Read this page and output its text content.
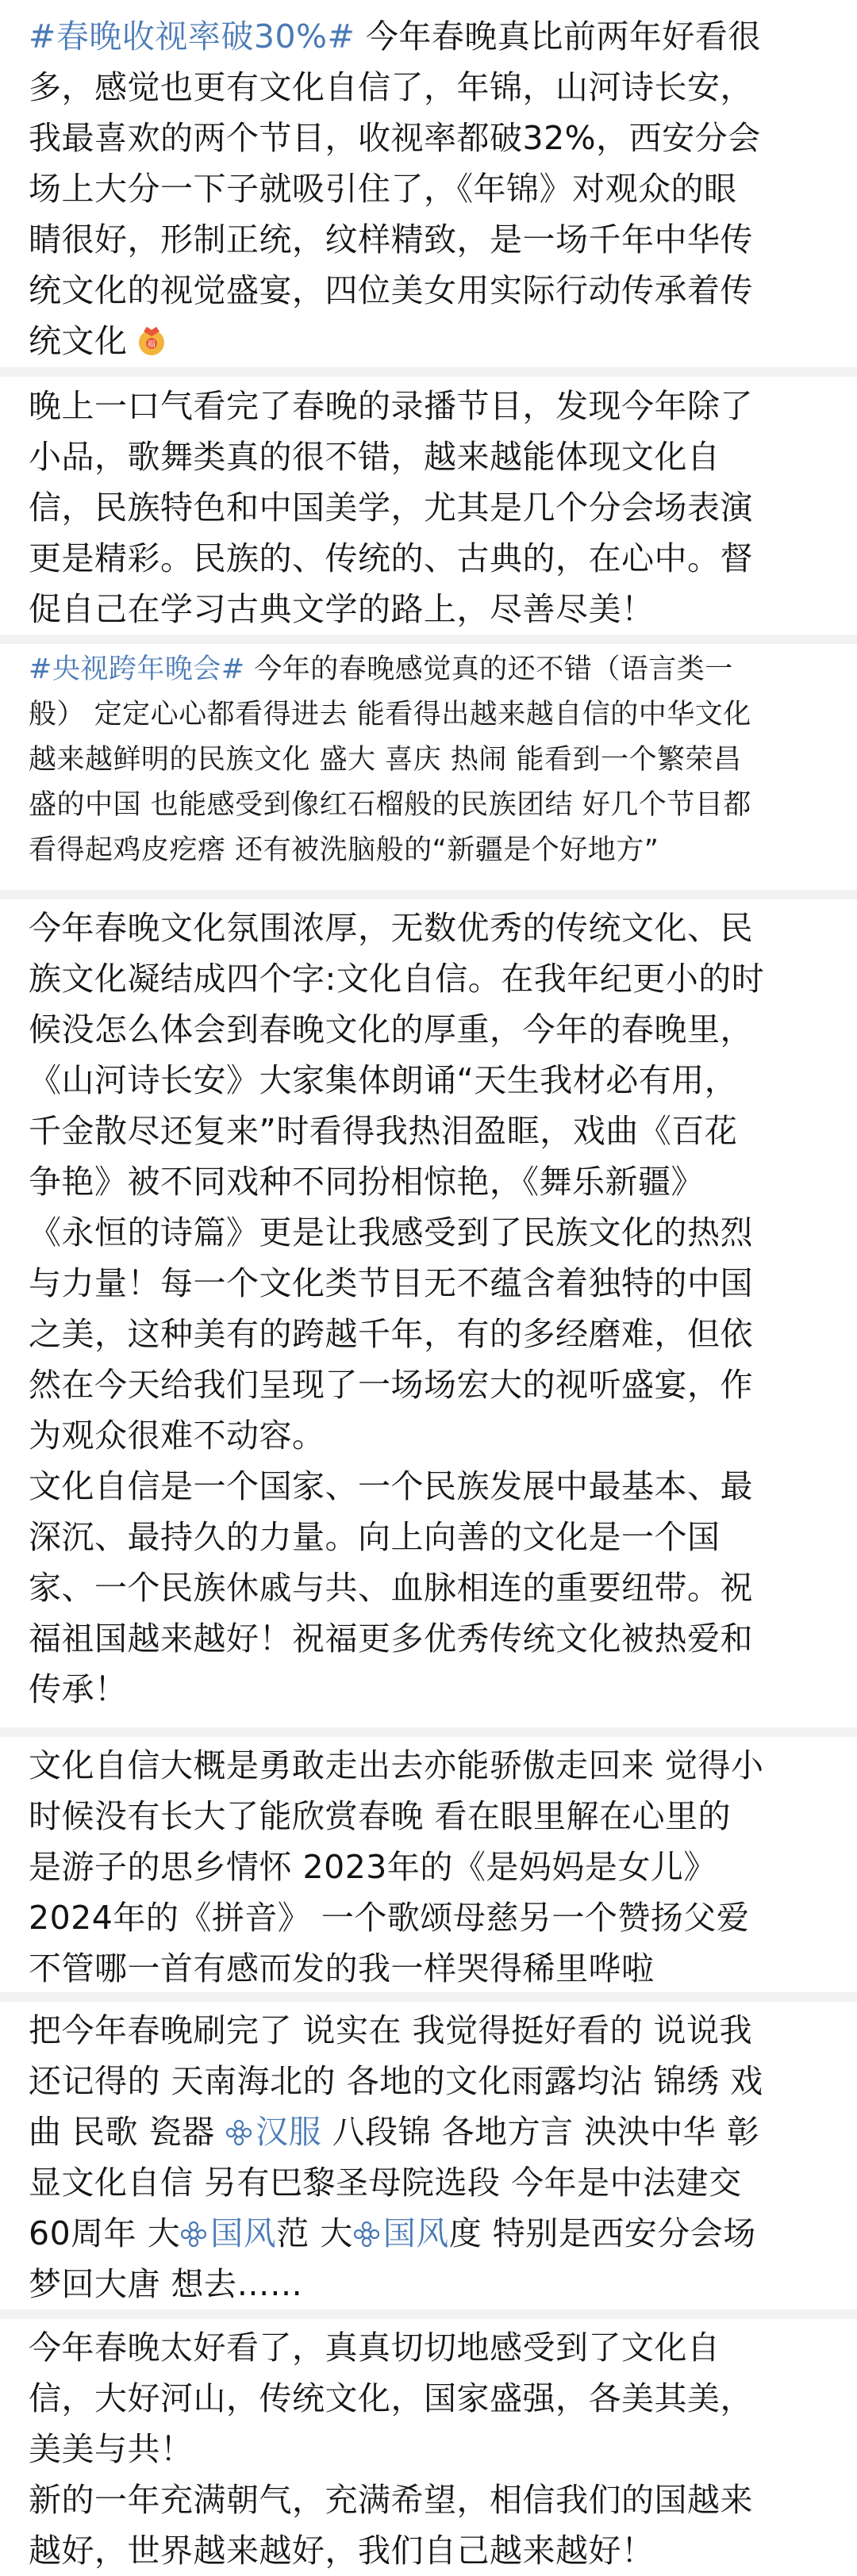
#春晚收视率破30%# 今年春晚真比前两年好看很
多，感觉也更有文化自信了，年锦，山河诗长安，
我最喜欢的两个节目，收视率都破32%，西安分会
场上大分一下子就吸引住了，《年锦》对观众的眼
睛很好，形制正统，纹样精致，是一场千年中华传
统文化的视觉盛宴，四位美女用实际行动传承着传
统文化 福
晚上一口气看完了春晚的录播节目，发现今年除了
小品，歌舞类真的很不错，越来越能体现文化自
信，民族特色和中国美学，尤其是几个分会场表演
更是精彩。民族的、传统的、古典的，在心中。督
促自己在学习古典文学的路上，尽善尽美！
#央视跨年晚会# 今年的春晚感觉真的还不错（语言类一
般） 定定心心都看得进去 能看得出越来越自信的中华文化
越来越鲜明的民族文化 盛大 喜庆 热闹 能看到一个繁荣昌
盛的中国 也能感受到像红石榴般的民族团结 好几个节目都
看得起鸡皮疙瘩 还有被洗脑般的“新疆是个好地方”
今年春晚文化氛围浓厚，无数优秀的传统文化、民
族文化凝结成四个字:文化自信。在我年纪更小的时
候没怎么体会到春晚文化的厚重，今年的春晚里，
《山河诗长安》大家集体朗诵“天生我材必有用，
千金散尽还复来”时看得我热泪盈眶，戏曲《百花
争艳》被不同戏种不同扮相惊艳，《舞乐新疆》
《永恒的诗篇》更是让我感受到了民族文化的热烈
与力量！每一个文化类节目无不蕴含着独特的中国
之美，这种美有的跨越千年，有的多经磨难，但依
然在今天给我们呈现了一场场宏大的视听盛宴，作
为观众很难不动容。
文化自信是一个国家、一个民族发展中最基本、最
深沉、最持久的力量。向上向善的文化是一个国
家、一个民族休戚与共、血脉相连的重要纽带。祝
福祖国越来越好！祝福更多优秀传统文化被热爱和
传承！
文化自信大概是勇敢走出去亦能骄傲走回来 觉得小
时候没有长大了能欣赏春晚 看在眼里解在心里的
是游子的思乡情怀 2023年的《是妈妈是女儿》
2024年的《拼音》 一个歌颂母慈另一个赞扬父爱
不管哪一首有感而发的我一样哭得稀里哗啦
把今年春晚刷完了 说实在 我觉得挺好看的 说说我
还记得的 天南海北的 各地的文化雨露均沾 锦绣 戏
曲 民歌 瓷器 汉服 八段锦 各地方言 泱泱中华 彰
显文化自信 另有巴黎圣母院选段 今年是中法建交
60周年 大 国风范 大 国风度 特别是西安分会场
梦回大唐 想去……
今年春晚太好看了，真真切切地感受到了文化自
信，大好河山，传统文化，国家盛强，各美其美，
美美与共！
新的一年充满朝气，充满希望，相信我们的国越来
越好，世界越来越好，我们自己越来越好！
